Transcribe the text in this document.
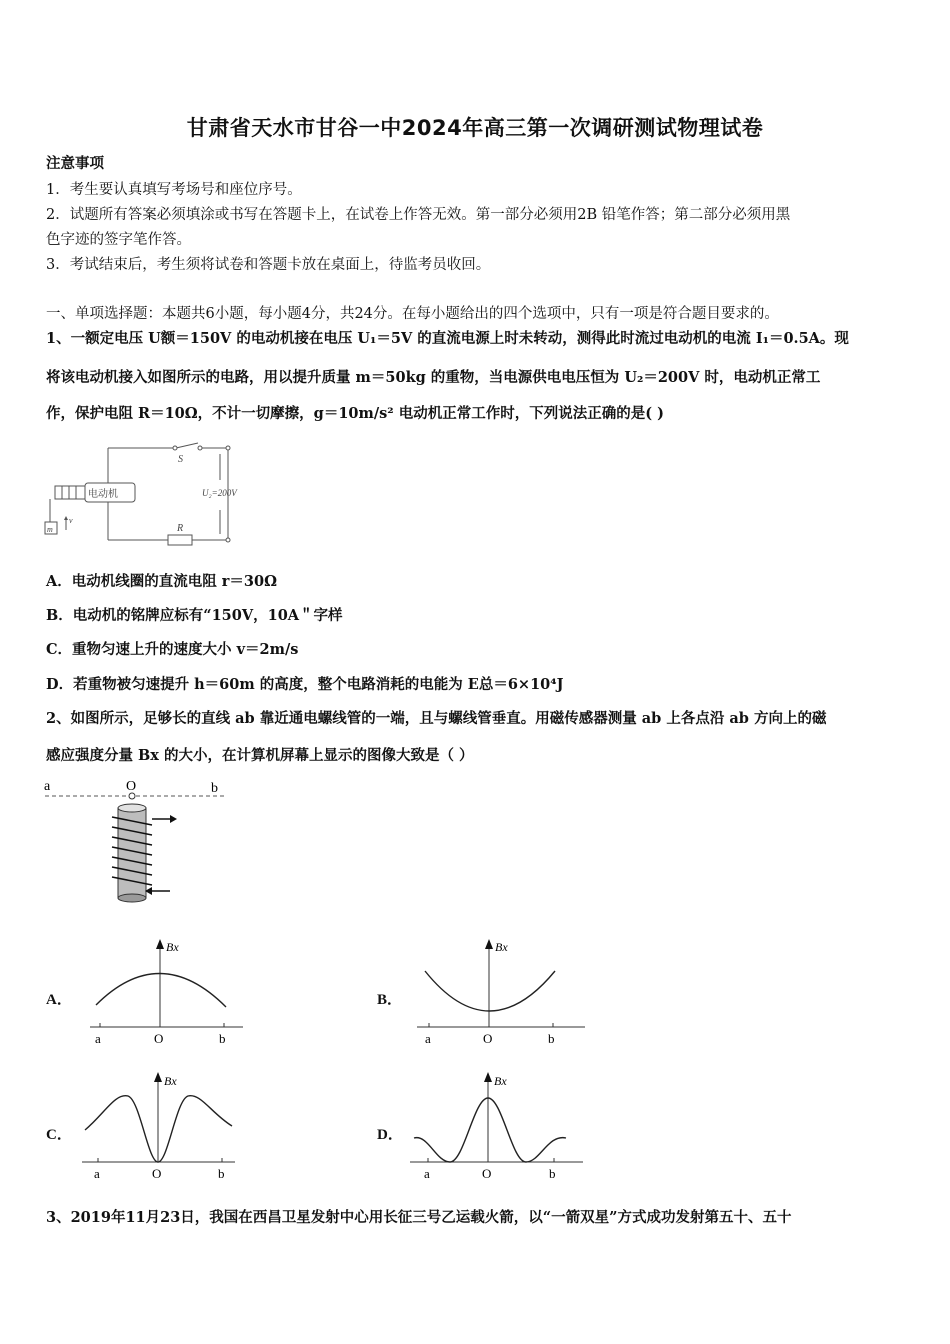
甘肃省天水市甘谷一中2024年高三第一次调研测试物理试卷
注意事项
1．考生要认真填写考场号和座位序号。
2．试题所有答案必须填涂或书写在答题卡上，在试卷上作答无效。第一部分必须用2B 铅笔作答；第二部分必须用黑
色字迹的签字笔作答。
3．考试结束后，考生须将试卷和答题卡放在桌面上，待监考员收回。
一、单项选择题：本题共6小题，每小题4分，共24分。在每小题给出的四个选项中，只有一项是符合题目要求的。
1、一额定电压 U额＝150V 的电动机接在电压 U₁＝5V 的直流电源上时未转动，测得此时流过电动机的电流 I₁＝0.5A。现
将该电动机接入如图所示的电路，用以提升质量 m＝50kg 的重物，当电源供电电压恒为 U₂＝200V 时，电动机正常工
作，保护电阻 R＝10Ω，不计一切摩擦，g＝10m/s² 电动机正常工作时，下列说法正确的是( )
电动机
S
U₂=200V
R
m
v
A．电动机线圈的直流电阻 r＝30Ω
B．电动机的铭牌应标有“150V，10A＂字样
C．重物匀速上升的速度大小 v＝2m/s
D．若重物被匀速提升 h＝60m 的高度，整个电路消耗的电能为 E总＝6×10⁴J
2、如图所示，足够长的直线 ab 靠近通电螺线管的一端，且与螺线管垂直。用磁传感器测量 ab 上各点沿 ab 方向上的磁
感应强度分量 Bx 的大小，在计算机屏幕上显示的图像大致是（ ）
a	O	b
A．
Bx
a	O	b
B．
Bx
a	O	b
C．
Bx
a	O	b
D．
Bx
a	O	b
3、2019年11月23日，我国在西昌卫星发射中心用长征三号乙运载火箭，以“一箭双星”方式成功发射第五十、五十
